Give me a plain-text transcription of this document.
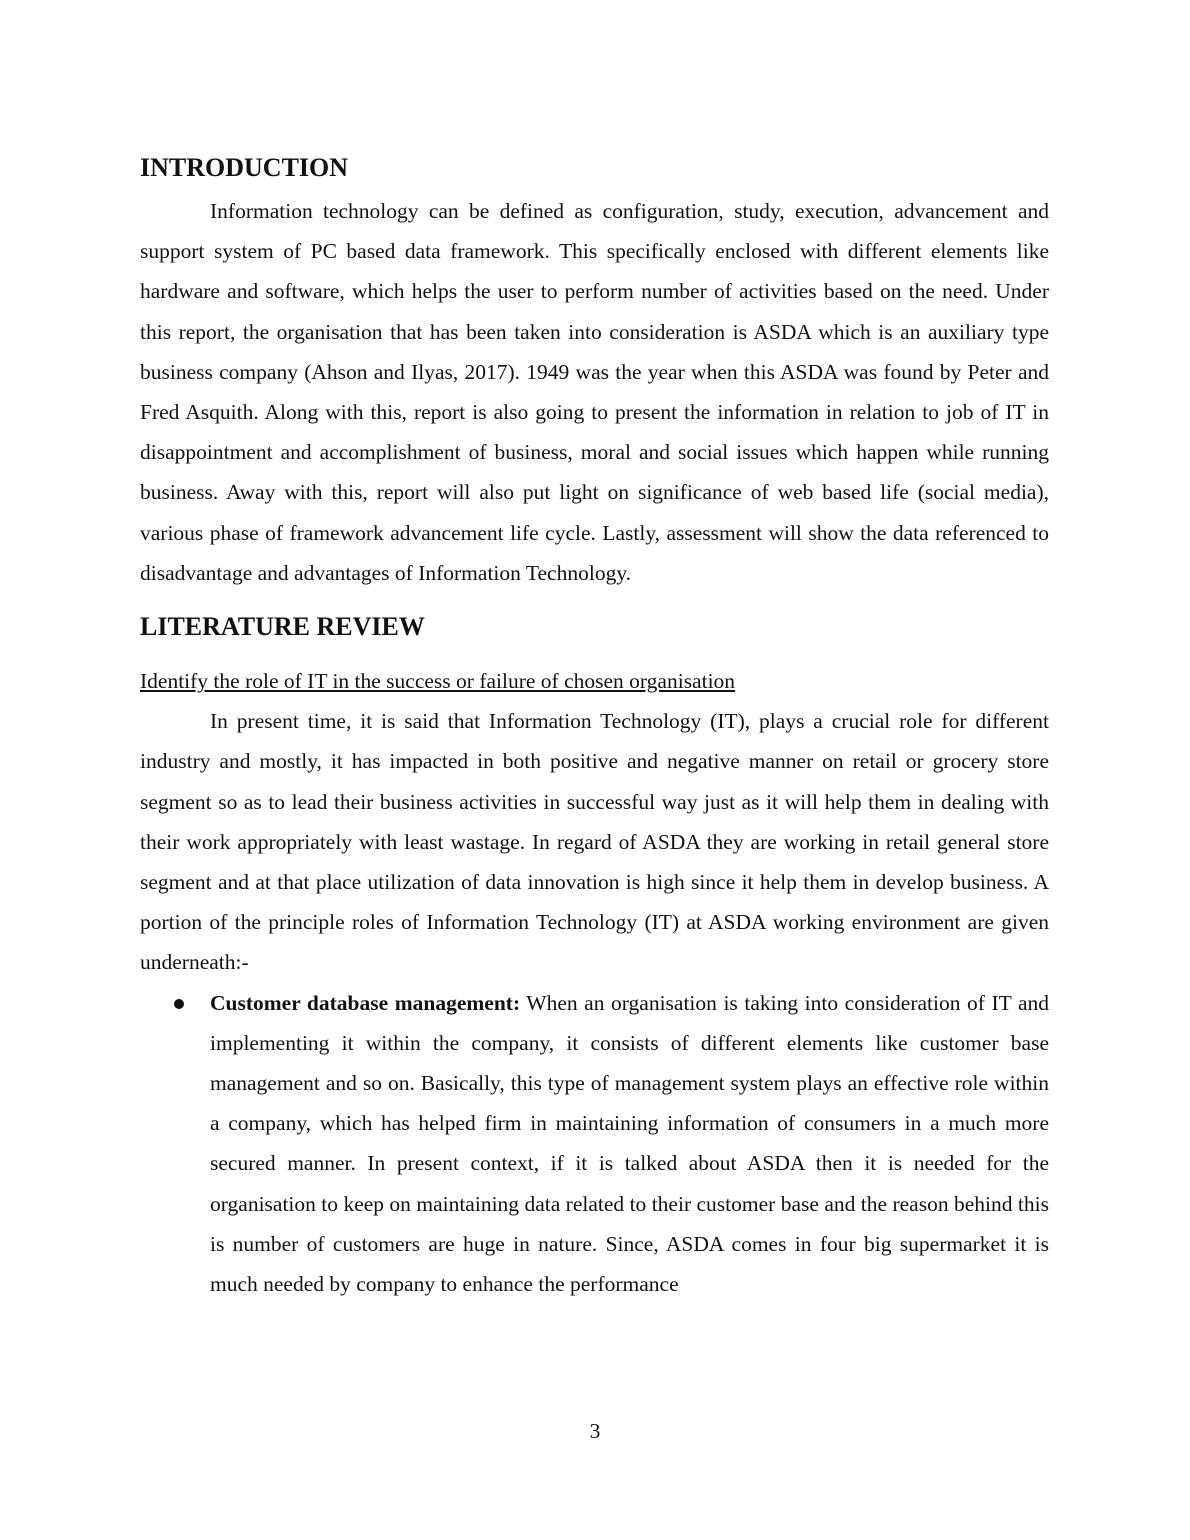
INTRODUCTION

Information technology can be defined as configuration, study, execution, advancement and support system of PC based data framework. This specifically enclosed with different elements like hardware and software, which helps the user to perform number of activities based on the need. Under this report, the organisation that has been taken into consideration is ASDA which is an auxiliary type business company (Ahson and Ilyas, 2017). 1949 was the year when this ASDA was found by Peter and Fred Asquith. Along with this, report is also going to present the information in relation to job of IT in disappointment and accomplishment of business, moral and social issues which happen while running business. Away with this, report will also put light on significance of web based life (social media), various phase of framework advancement life cycle. Lastly, assessment will show the data referenced to disadvantage and advantages of Information Technology.

LITERATURE REVIEW

Identify the role of IT in the success or failure of chosen organisation

In present time, it is said that Information Technology (IT), plays a crucial role for different industry and mostly, it has impacted in both positive and negative manner on retail or grocery store segment so as to lead their business activities in successful way just as it will help them in dealing with their work appropriately with least wastage. In regard of ASDA they are working in retail general store segment and at that place utilization of data innovation is high since it help them in develop business. A portion of the principle roles of Information Technology (IT) at ASDA working environment are given underneath:-

Customer database management: When an organisation is taking into consideration of IT and implementing it within the company, it consists of different elements like customer base management and so on. Basically, this type of management system plays an effective role within a company, which has helped firm in maintaining information of consumers in a much more secured manner. In present context, if it is talked about ASDA then it is needed for the organisation to keep on maintaining data related to their customer base and the reason behind this is number of customers are huge in nature. Since, ASDA comes in four big supermarket it is much needed by company to enhance the performance
3
